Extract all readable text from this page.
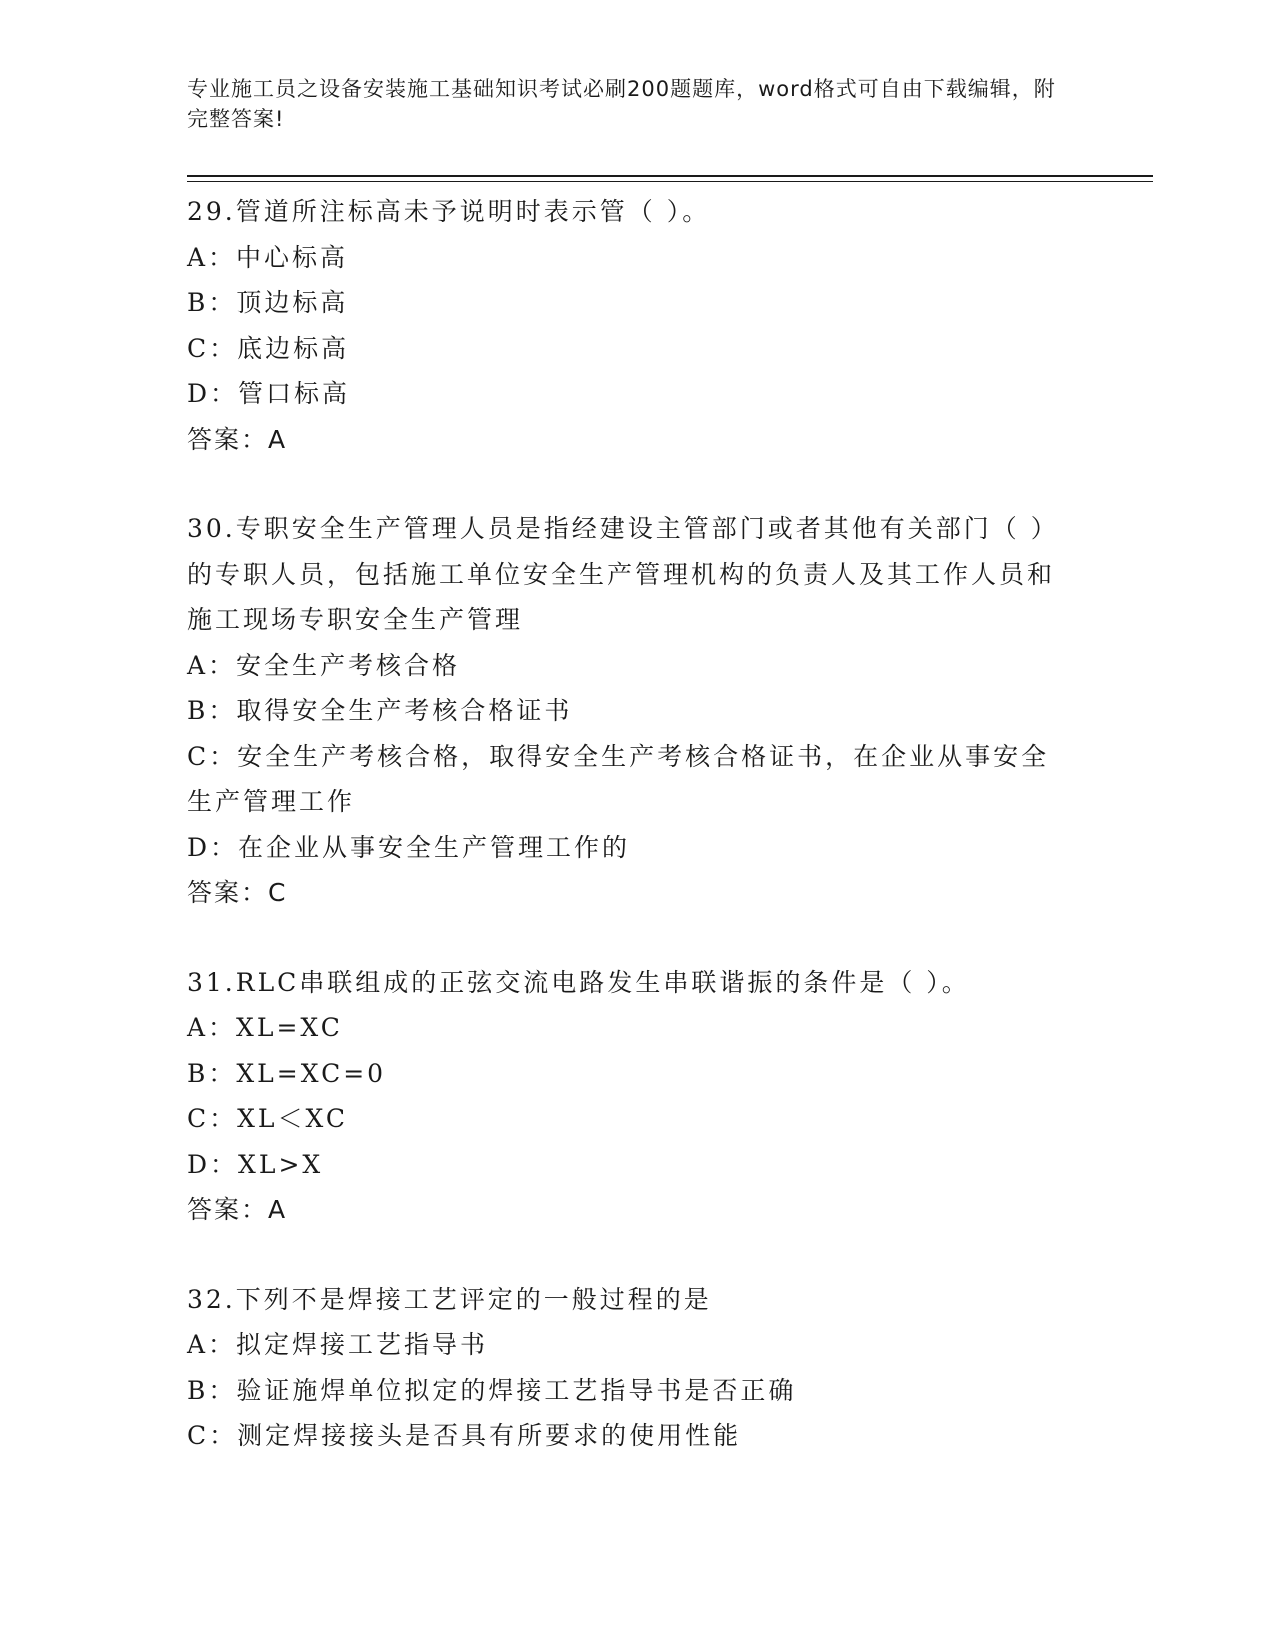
专业施工员之设备安装施工基础知识考试必刷200题题库，word格式可自由下载编辑，附完整答案!

29.管道所注标高未予说明时表示管（ ）。

A：中心标高

B：顶边标高

C：底边标高

D：管口标高

答案：A

30.专职安全生产管理人员是指经建设主管部门或者其他有关部门（ ）的专职人员，包括施工单位安全生产管理机构的负责人及其工作人员和施工现场专职安全生产管理

A：安全生产考核合格

B：取得安全生产考核合格证书

C：安全生产考核合格，取得安全生产考核合格证书，在企业从事安全生产管理工作

D：在企业从事安全生产管理工作的

答案：C

31.RLC串联组成的正弦交流电路发生串联谐振的条件是（ ）。

A：XL=XC

B：XL=XC=0

C：XL＜XC

D：XL>X

答案：A

32.下列不是焊接工艺评定的一般过程的是

A：拟定焊接工艺指导书

B：验证施焊单位拟定的焊接工艺指导书是否正确

C：测定焊接接头是否具有所要求的使用性能
